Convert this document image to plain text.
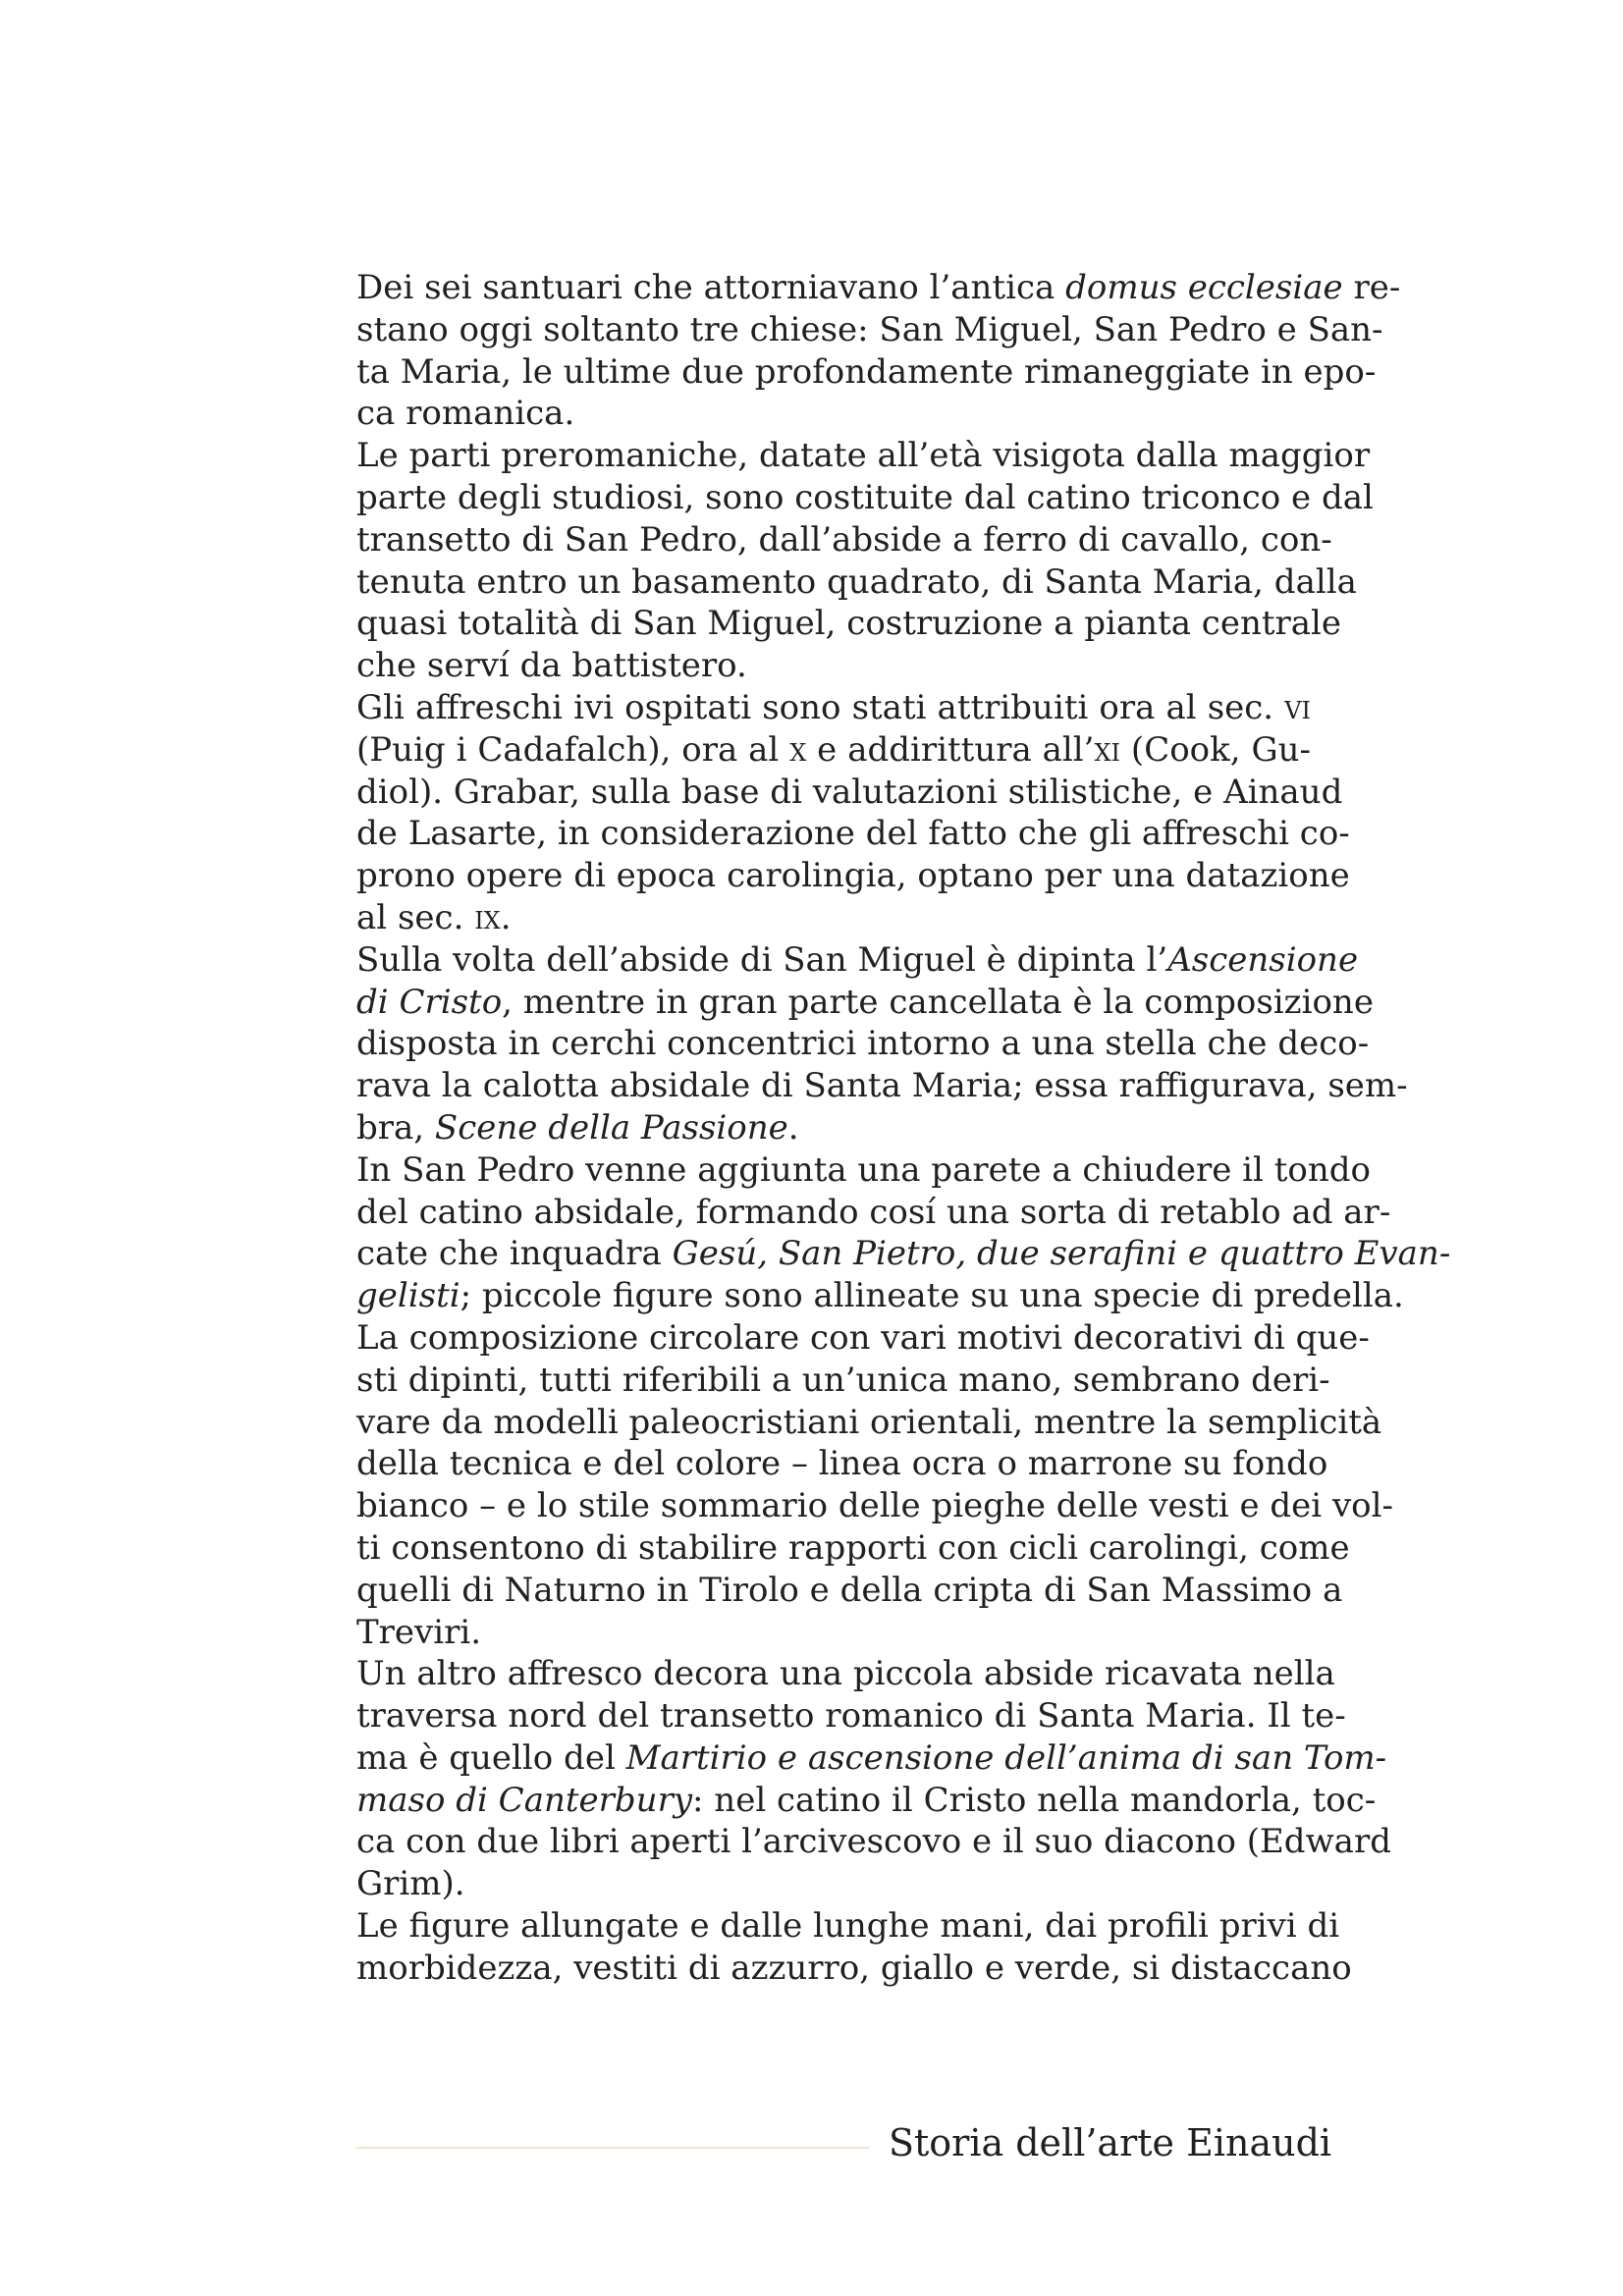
Dei sei santuari che attorniavano l’antica domus ecclesiae re-
stano oggi soltanto tre chiese: San Miguel, San Pedro e San-
ta Maria, le ultime due profondamente rimaneggiate in epo-
ca romanica.
Le parti preromaniche, datate all’età visigota dalla maggior
parte degli studiosi, sono costituite dal catino triconco e dal
transetto di San Pedro, dall’abside a ferro di cavallo, con-
tenuta entro un basamento quadrato, di Santa Maria, dalla
quasi totalità di San Miguel, costruzione a pianta centrale
che serví da battistero.
Gli affreschi ivi ospitati sono stati attribuiti ora al sec. vi
(Puig i Cadafalch), ora al x e addirittura all’xi (Cook, Gu-
diol). Grabar, sulla base di valutazioni stilistiche, e Ainaud
de Lasarte, in considerazione del fatto che gli affreschi co-
prono opere di epoca carolingia, optano per una datazione
al sec. ix.
Sulla volta dell’abside di San Miguel è dipinta l’Ascensione
di Cristo, mentre in gran parte cancellata è la composizione
disposta in cerchi concentrici intorno a una stella che deco-
rava la calotta absidale di Santa Maria; essa raffigurava, sem-
bra, Scene della Passione.
In San Pedro venne aggiunta una parete a chiudere il tondo
del catino absidale, formando cosí una sorta di retablo ad ar-
cate che inquadra Gesú, San Pietro, due serafini e quattro Evan-
gelisti; piccole figure sono allineate su una specie di predella.
La composizione circolare con vari motivi decorativi di que-
sti dipinti, tutti riferibili a un’unica mano, sembrano deri-
vare da modelli paleocristiani orientali, mentre la semplicità
della tecnica e del colore – linea ocra o marrone su fondo
bianco – e lo stile sommario delle pieghe delle vesti e dei vol-
ti consentono di stabilire rapporti con cicli carolingi, come
quelli di Naturno in Tirolo e della cripta di San Massimo a
Treviri.
Un altro affresco decora una piccola abside ricavata nella
traversa nord del transetto romanico di Santa Maria. Il te-
ma è quello del Martirio e ascensione dell’anima di san Tom-
maso di Canterbury: nel catino il Cristo nella mandorla, toc-
ca con due libri aperti l’arcivescovo e il suo diacono (Edward
Grim).
Le figure allungate e dalle lunghe mani, dai profili privi di
morbidezza, vestiti di azzurro, giallo e verde, si distaccano
Storia dell’arte Einaudi
